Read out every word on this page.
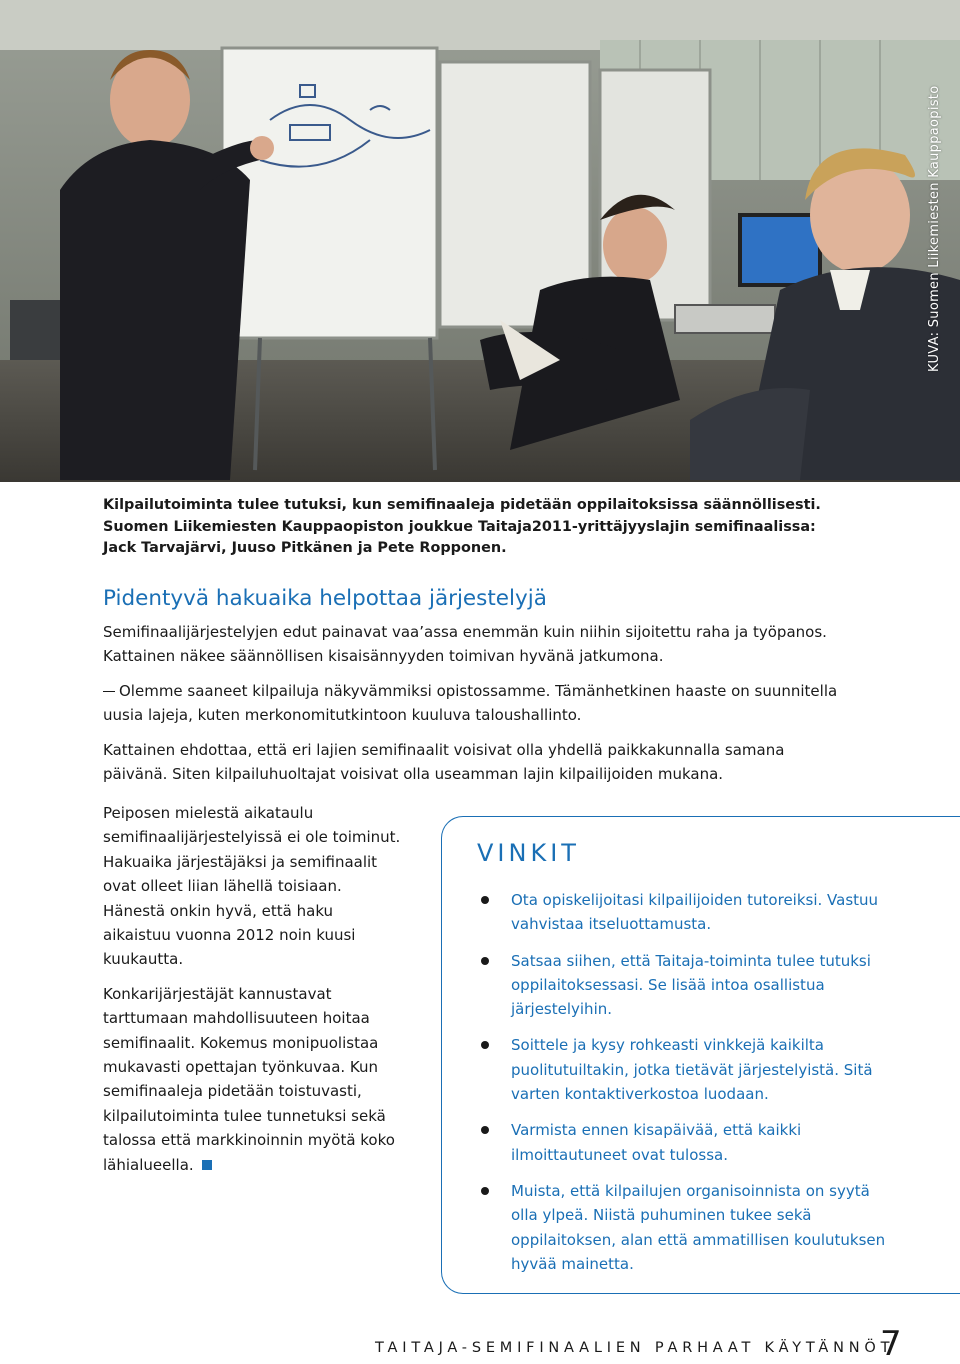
KUVA: Suomen Liikemiesten Kauppaopisto
Kilpailutoiminta tulee tutuksi, kun semifinaaleja pidetään oppilaitoksissa säännöllisesti. Suomen Liikemiesten Kauppaopiston joukkue Taitaja2011-yrittäjyyslajin semifinaalissa: Jack Tarvajärvi, Juuso Pitkänen ja Pete Ropponen.
Pidentyvä hakuaika helpottaa järjestelyjä
Semifinaalijärjestelyjen edut painavat vaa’assa enemmän kuin niihin sijoitettu raha ja työpanos. Kattainen näkee säännöllisen kisaisännyyden toimivan hyvänä jatkumona.
Olemme saaneet kilpailuja näkyvämmiksi opistossamme. Tämänhetkinen haaste on suunnitella uusia lajeja, kuten merkonomitutkintoon kuuluva taloushallinto.
Kattainen ehdottaa, että eri lajien semifinaalit voisivat olla yhdellä paikkakunnalla samana päivänä. Siten kilpailuhuoltajat voisivat olla useamman lajin kilpailijoiden mukana.

Peiposen mielestä aikataulu semifinaalijärjestelyissä ei ole toiminut. Hakuaika järjestäjäksi ja semifinaalit ovat olleet liian lähellä toisiaan. Hänestä onkin hyvä, että haku aikaistuu vuonna 2012 noin kuusi kuukautta.

Konkarijärjestäjät kannustavat tarttumaan mahdollisuuteen hoitaa semifinaalit. Kokemus monipuolistaa mukavasti opettajan työnkuvaa. Kun semifinaaleja pidetään toistuvasti, kilpailutoiminta tulee tunnetuksi sekä talossa että markkinoinnin myötä koko lähialueella.

VINKIT
Ota opiskelijoitasi kilpailijoiden tutoreiksi. Vastuu vahvistaa itseluottamusta.
Satsaa siihen, että Taitaja-toiminta tulee tutuksi oppilaitoksessasi. Se lisää intoa osallistua järjestelyihin.
Soittele ja kysy rohkeasti vinkkejä kaikilta puolitutuiltakin, jotka tietävät järjestelyistä. Sitä varten kontaktiverkostoa luodaan.
Varmista ennen kisapäivää, että kaikki ilmoittautuneet ovat tulossa.
Muista, että kilpailujen organisoinnista on syytä olla ylpeä. Niistä puhuminen tukee sekä oppilaitoksen, alan että ammatillisen koulutuksen hyvää mainetta.
TAITAJA-SEMIFINAALIEN PARHAAT KÄYTÄNNÖT
7
